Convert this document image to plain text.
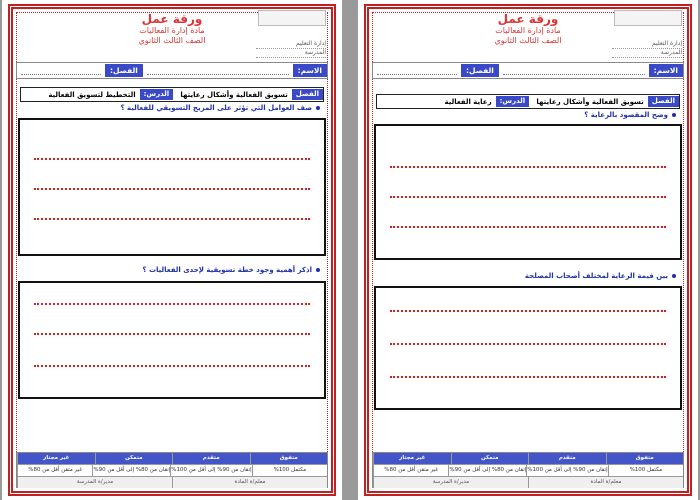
إدارة التعليم
المدرسة
ورقة عمل
مادة إدارة الفعاليات
الصف الثالث الثانوي
الاسم:
الفصل:
الفصل
تسويق الفعالية وأشكال رعايتها
الدرس:
التخطيط لتسويق الفعالية
صف العوامل التي تؤثر على المزيج التسويقي للفعالية ؟
اذكر أهمية وجود خطة تسويقية لإحدى الفعاليات ؟
متفوق
متقدم
متمكن
غير مجتاز
مكتمل 100%
إتقان من 90% إلى أقل من 100%
إتقان من 80% إلى أقل من 90%
غير متقن أقل من 80%
معلم/ة المادة
مدير/ة المدرسة
إدارة التعليم
المدرسة
ورقة عمل
مادة إدارة الفعاليات
الصف الثالث الثانوي
الاسم:
الفصل:
الفصل
تسويق الفعالية وأشكال رعايتها
الدرس:
رعاية الفعالية
وضح المقصود بالرعاية ؟
بين قيمة الرعاية لمختلف أصحاب المصلحة
متفوق
متقدم
متمكن
غير مجتاز
مكتمل 100%
إتقان من 90% إلى أقل من 100%
إتقان من 80% إلى أقل من 90%
غير متقن أقل من 80%
معلم/ة المادة
مدير/ة المدرسة
